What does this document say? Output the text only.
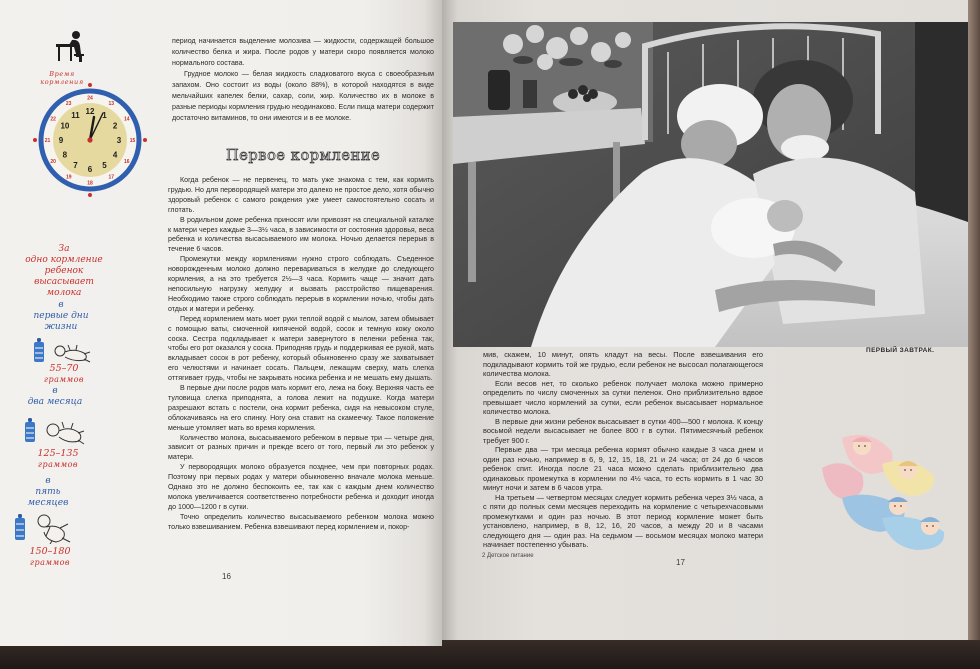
Время
кормления
12 1
2
3
4
5
6
7
8
9
10
11
24
13
14
15
16
17
18
19
20
21
22
23
За
одно кормление
ребенок
высасывает
молока
в
первые дни
жизни
55–70
граммов
в
два месяца
125–135
граммов
в
пять
месяцев
150–180
граммов

период начинается выделение молозива — жидкости, содержащей большое количество белка и жира. После родов у матери скоро появляется молоко нормального состава.

Грудное молоко — белая жидкость сладковатого вкуса с своеобразным запахом. Оно состоит из воды (около 88%), в которой находятся в виде мельчайших капелек белки, сахар, соли, жир. Количество их в молоке в разные периоды кормления грудью неодинаково. Если пища матери содержит достаточно витаминов, то они имеются и в ее молоке.

Первое кормление

Когда ребенок — не первенец, то мать уже знакома с тем, как кормить грудью. Но для первородящей матери это далеко не простое дело, хотя обычно здоровый ребенок с самого рождения уже умеет самостоятельно сосать и глотать.

В родильном доме ребенка приносят или привозят на специальной каталке к матери через каждые 3—3½ часа, в зависимости от состояния здоровья, веса ребенка и количества высасываемого им молока. Ночью делается перерыв в течение 6 часов.

Промежутки между кормлениями нужно строго соблюдать. Съеденное новорожденным молоко должно перевариваться в желудке до следующего кормления, а на это требуется 2½—3 часа. Кормить чаще — значит дать непосильную нагрузку желудку и вызвать расстройство пищеварения. Необходимо также строго соблюдать перерыв в кормлении ночью, чтобы дать отдых и матери и ребенку.

Перед кормлением мать моет руки теплой водой с мылом, затем обмывает с помощью ваты, смоченной кипяченой водой, сосок и темную кожу около соска. Сестра подкладывает к матери завернутого в пеленки ребенка так, чтобы его рот оказался у соска. Приподняв грудь и поддерживая ее рукой, мать вкладывает сосок в рот ребенку, который обыкновенно сразу же захватывает его челюстями и начинает сосать. Пальцем, лежащим сверху, мать слегка оттягивает грудь, чтобы не закрывать носика ребенка и не мешать ему дышать.

В первые дни после родов мать кормит его, лежа на боку. Верхняя часть ее туловища слегка приподнята, а голова лежит на подушке. Когда матери разрешают встать с постели, она кормит ребенка, сидя на невысоком стуле, облокачиваясь на его спинку. Ногу она ставит на скамеечку. Такое положение меньше утомляет мать во время кормления.

Количество молока, высасываемого ребенком в первые три — четыре дня, зависит от разных причин и прежде всего от того, первый ли это ребенок у матери.

У первородящих молоко образуется позднее, чем при повторных родах. Поэтому при первых родах у матери обыкновенно вначале молока меньше. Однако это не должно беспокоить ее, так как с каждым днем количество молока увеличивается соответственно потребности ребенка и доходит иногда до 1000—1200 г в сутки.

Точно определить количество высасываемого ребенком молока можно только взвешиванием. Ребенка взвешивают перед кормлением и, покор-

16
ПЕРВЫЙ ЗАВТРАК.

мив, скажем, 10 минут, опять кладут на весы. После взвешивания его подкладывают кормить той же грудью, если ребенок не высосал полагающегося количества молока.

Если весов нет, то сколько ребенок получает молока можно примерно определить по числу смоченных за сутки пеленок. Оно приблизительно вдвое превышает число кормлений за сутки, если ребенок высасывает нормальное количество молока.

В первые дни жизни ребенок высасывает в сутки 400—500 г молока. К концу восьмой недели высасывает не более 800 г в сутки. Пятимесячный ребенок требует 900 г.

Первые два — три месяца ребенка кормят обычно каждые 3 часа днем и один раз ночью, например в 6, 9, 12, 15, 18, 21 и 24 часа; от 24 до 6 часов ребенок спит. Иногда после 21 часа можно сделать приблизительно два одинаковых промежутка в кормлении по 4½ часа, то есть кормить в 1 час 30 минут ночи и затем в 6 часов утра.

На третьем — четвертом месяцах следует кормить ребенка через 3½ часа, а с пяти до полных семи месяцев переходить на кормление с четырехчасовыми промежутками и один раз ночью. В этот период кормление может быть установлено, например, в 8, 12, 16, 20 часов, а между 20 и 8 часами следующего дня — один раз. На седьмом — восьмом месяцах молоко матери начинает постепенно убывать.

2 Детское питание
17
